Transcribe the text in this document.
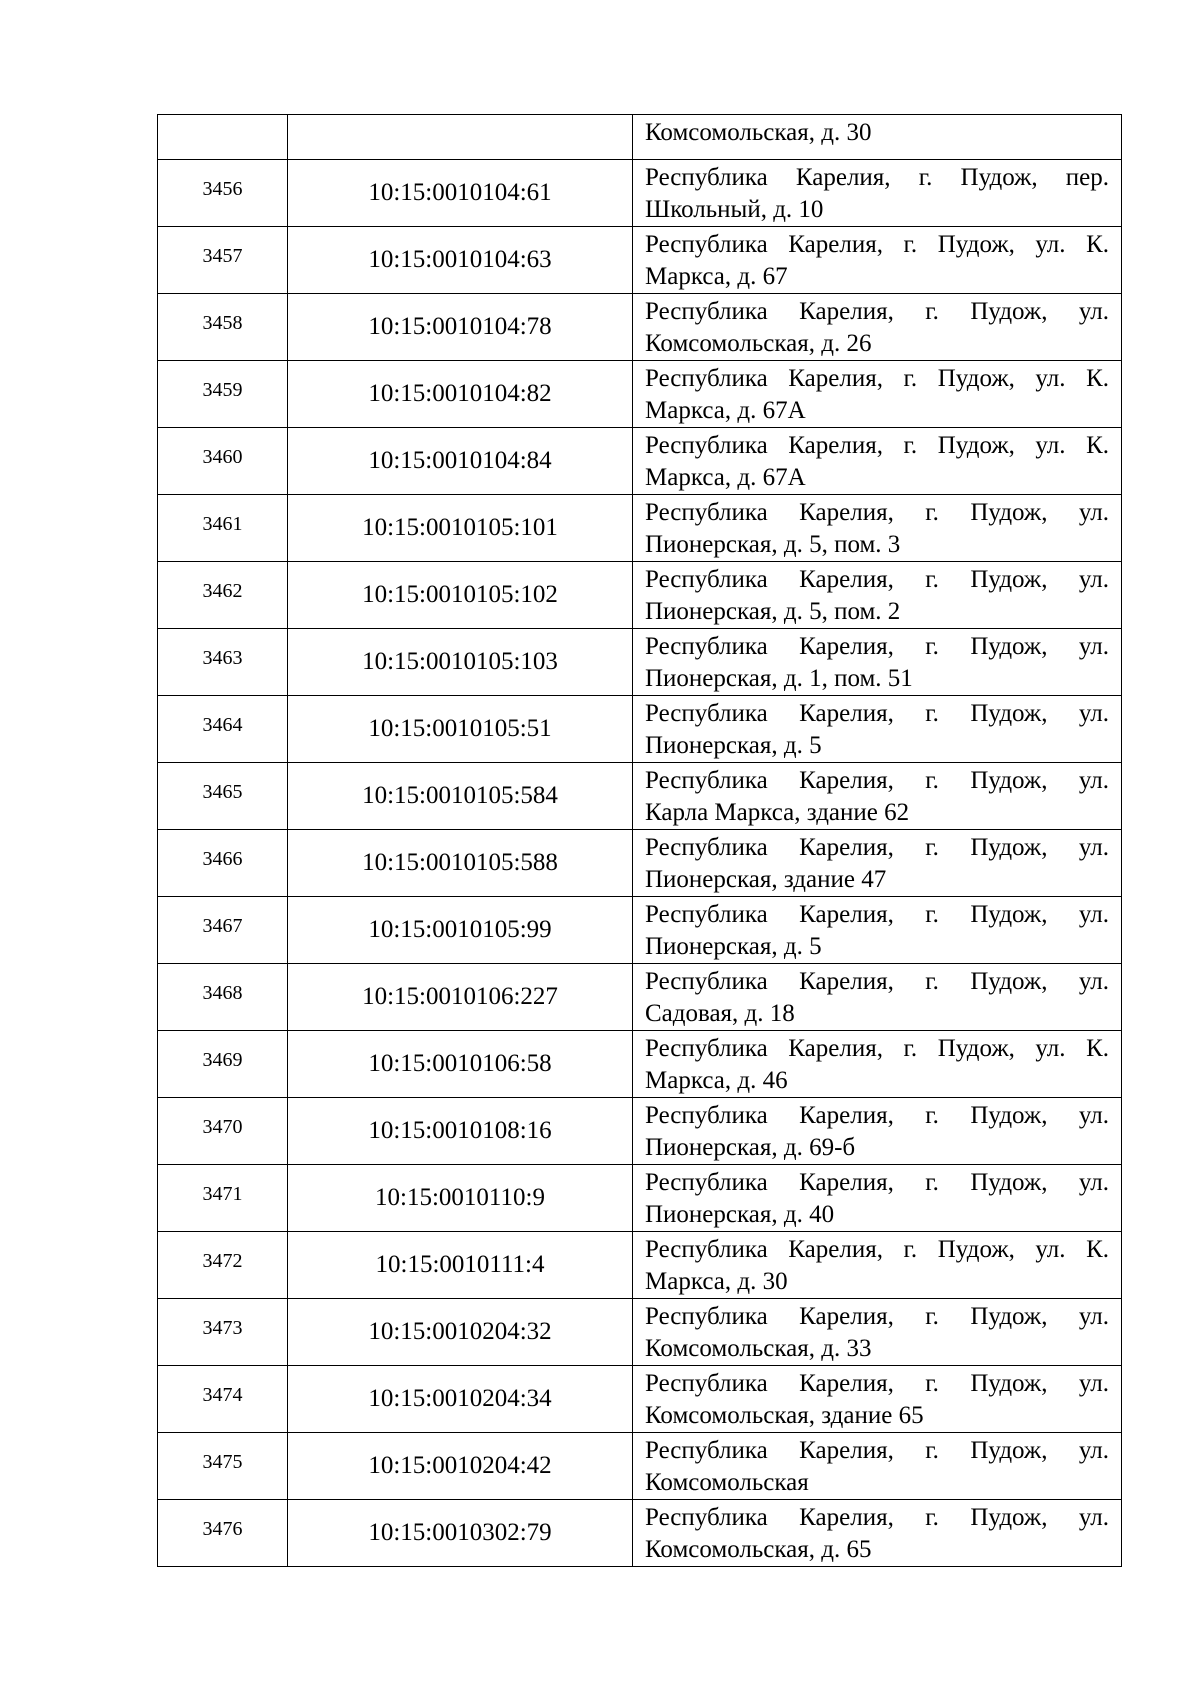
		Комсомольская, д. 30

3456	10:15:0010104:61	Республика Карелия, г. Пудож, пер.
Школьный, д. 10

3457	10:15:0010104:63	Республика Карелия, г. Пудож, ул. К.
Маркса, д. 67

3458	10:15:0010104:78	Республика Карелия, г. Пудож, ул.
Комсомольская, д. 26

3459	10:15:0010104:82	Республика Карелия, г. Пудож, ул. К.
Маркса, д. 67А

3460	10:15:0010104:84	Республика Карелия, г. Пудож, ул. К.
Маркса, д. 67А

3461	10:15:0010105:101	Республика Карелия, г. Пудож, ул.
Пионерская, д. 5, пом. 3

3462	10:15:0010105:102	Республика Карелия, г. Пудож, ул.
Пионерская, д. 5, пом. 2

3463	10:15:0010105:103	Республика Карелия, г. Пудож, ул.
Пионерская, д. 1, пом. 51

3464	10:15:0010105:51	Республика Карелия, г. Пудож, ул.
Пионерская, д. 5

3465	10:15:0010105:584	Республика Карелия, г. Пудож, ул.
Карла Маркса, здание 62

3466	10:15:0010105:588	Республика Карелия, г. Пудож, ул.
Пионерская, здание 47

3467	10:15:0010105:99	Республика Карелия, г. Пудож, ул.
Пионерская, д. 5

3468	10:15:0010106:227	Республика Карелия, г. Пудож, ул.
Садовая, д. 18

3469	10:15:0010106:58	Республика Карелия, г. Пудож, ул. К.
Маркса, д. 46

3470	10:15:0010108:16	Республика Карелия, г. Пудож, ул.
Пионерская, д. 69-б

3471	10:15:0010110:9	Республика Карелия, г. Пудож, ул.
Пионерская, д. 40

3472	10:15:0010111:4	Республика Карелия, г. Пудож, ул. К.
Маркса, д. 30

3473	10:15:0010204:32	Республика Карелия, г. Пудож, ул.
Комсомольская, д. 33

3474	10:15:0010204:34	Республика Карелия, г. Пудож, ул.
Комсомольская, здание 65

3475	10:15:0010204:42	Республика Карелия, г. Пудож, ул.
Комсомольская

3476	10:15:0010302:79	Республика Карелия, г. Пудож, ул.
Комсомольская, д. 65
